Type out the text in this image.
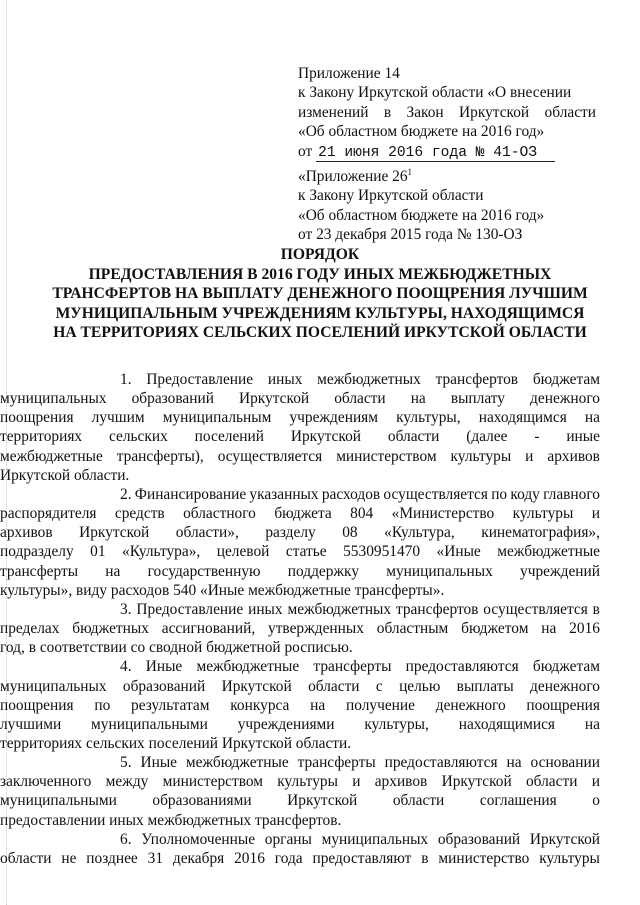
Приложение 14
к Закону Иркутской области «О внесении
изменений в Закон Иркутской области
«Об областном бюджете на 2016 год»
от 21 июня 2016 года № 41-ОЗ
«Приложение $26^1$
к Закону Иркутской области
«Об областном бюджете на 2016 год»
от 23 декабря 2015 года № 130-ОЗ
ПОРЯДОК
ПРЕДОСТАВЛЕНИЯ В 2016 ГОДУ ИНЫХ МЕЖБЮДЖЕТНЫХ
ТРАНСФЕРТОВ НА ВЫПЛАТУ ДЕНЕЖНОГО ПООЩРЕНИЯ ЛУЧШИМ
МУНИЦИПАЛЬНЫМ УЧРЕЖДЕНИЯМ КУЛЬТУРЫ, НАХОДЯЩИМСЯ
НА ТЕРРИТОРИЯХ СЕЛЬСКИХ ПОСЕЛЕНИЙ ИРКУТСКОЙ ОБЛАСТИ
1. Предоставление иных межбюджетных трансфертов бюджетам
муниципальных образований Иркутской области на выплату денежного
поощрения лучшим муниципальным учреждениям культуры, находящимся на
территориях сельских поселений Иркутской области (далее - иные
межбюджетные трансферты), осуществляется министерством культуры и архивов
Иркутской области.
2. Финансирование указанных расходов осуществляется по коду главного
распорядителя средств областного бюджета 804 «Министерство культуры и
архивов Иркутской области», разделу 08 «Культура, кинематография»,
подразделу 01 «Культура», целевой статье 5530951470 «Иные межбюджетные
трансферты на государственную поддержку муниципальных учреждений
культуры», виду расходов 540 «Иные межбюджетные трансферты».
3. Предоставление иных межбюджетных трансфертов осуществляется в
пределах бюджетных ассигнований, утвержденных областным бюджетом на 2016
год, в соответствии со сводной бюджетной росписью.
4. Иные межбюджетные трансферты предоставляются бюджетам
муниципальных образований Иркутской области с целью выплаты денежного
поощрения по результатам конкурса на получение денежного поощрения
лучшими муниципальными учреждениями культуры, находящимися на
территориях сельских поселений Иркутской области.
5. Иные межбюджетные трансферты предоставляются на основании
заключенного между министерством культуры и архивов Иркутской области и
муниципальными образованиями Иркутской области соглашения о
предоставлении иных межбюджетных трансфертов.
6. Уполномоченные органы муниципальных образований Иркутской
области не позднее 31 декабря 2016 года предоставляют в министерство культуры
